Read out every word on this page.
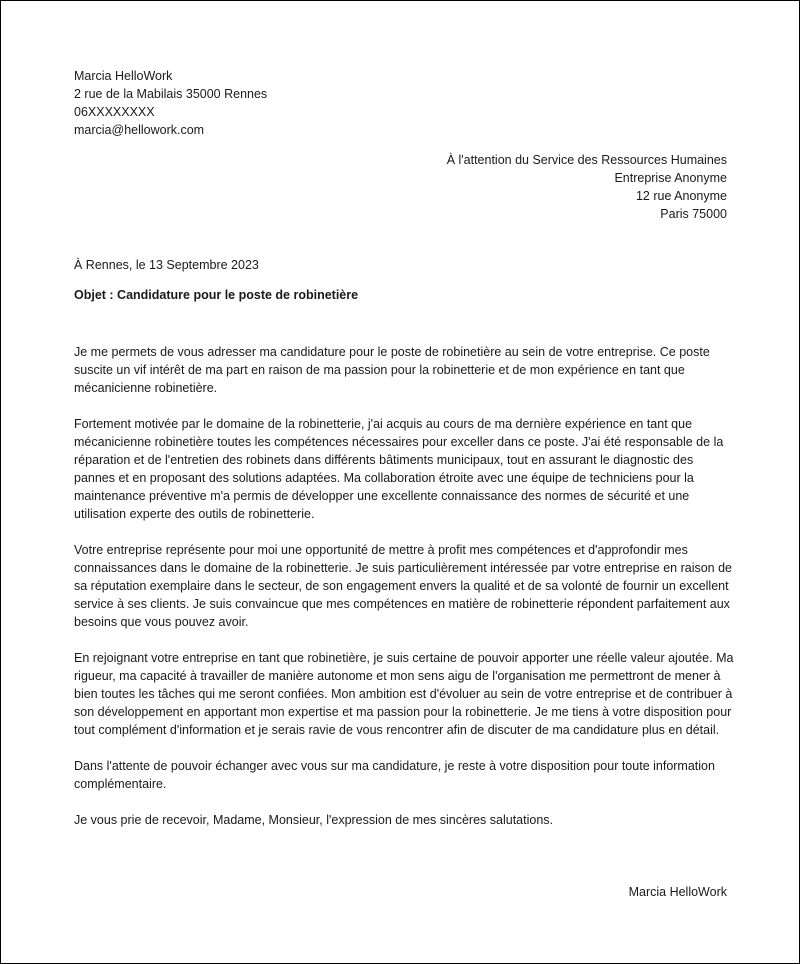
Marcia HelloWork
2 rue de la Mabilais 35000 Rennes
06XXXXXXXX
marcia@hellowork.com
À l'attention du Service des Ressources Humaines
Entreprise Anonyme
12 rue Anonyme
Paris 75000
À Rennes, le 13 Septembre 2023
Objet : Candidature pour le poste de robinetière

Je me permets de vous adresser ma candidature pour le poste de robinetière au sein de votre entreprise. Ce poste suscite un vif intérêt de ma part en raison de ma passion pour la robinetterie et de mon expérience en tant que mécanicienne robinetière.

Fortement motivée par le domaine de la robinetterie, j'ai acquis au cours de ma dernière expérience en tant que mécanicienne robinetière toutes les compétences nécessaires pour exceller dans ce poste. J'ai été responsable de la réparation et de l'entretien des robinets dans différents bâtiments municipaux, tout en assurant le diagnostic des pannes et en proposant des solutions adaptées. Ma collaboration étroite avec une équipe de techniciens pour la maintenance préventive m'a permis de développer une excellente connaissance des normes de sécurité et une utilisation experte des outils de robinetterie.

Votre entreprise représente pour moi une opportunité de mettre à profit mes compétences et d'approfondir mes connaissances dans le domaine de la robinetterie. Je suis particulièrement intéressée par votre entreprise en raison de sa réputation exemplaire dans le secteur, de son engagement envers la qualité et de sa volonté de fournir un excellent service à ses clients. Je suis convaincue que mes compétences en matière de robinetterie répondent parfaitement aux besoins que vous pouvez avoir.

En rejoignant votre entreprise en tant que robinetière, je suis certaine de pouvoir apporter une réelle valeur ajoutée. Ma rigueur, ma capacité à travailler de manière autonome et mon sens aigu de l'organisation me permettront de mener à bien toutes les tâches qui me seront confiées. Mon ambition est d'évoluer au sein de votre entreprise et de contribuer à son développement en apportant mon expertise et ma passion pour la robinetterie. Je me tiens à votre disposition pour tout complément d'information et je serais ravie de vous rencontrer afin de discuter de ma candidature plus en détail.

Dans l'attente de pouvoir échanger avec vous sur ma candidature, je reste à votre disposition pour toute information complémentaire.

Je vous prie de recevoir, Madame, Monsieur, l'expression de mes sincères salutations.

Marcia HelloWork
